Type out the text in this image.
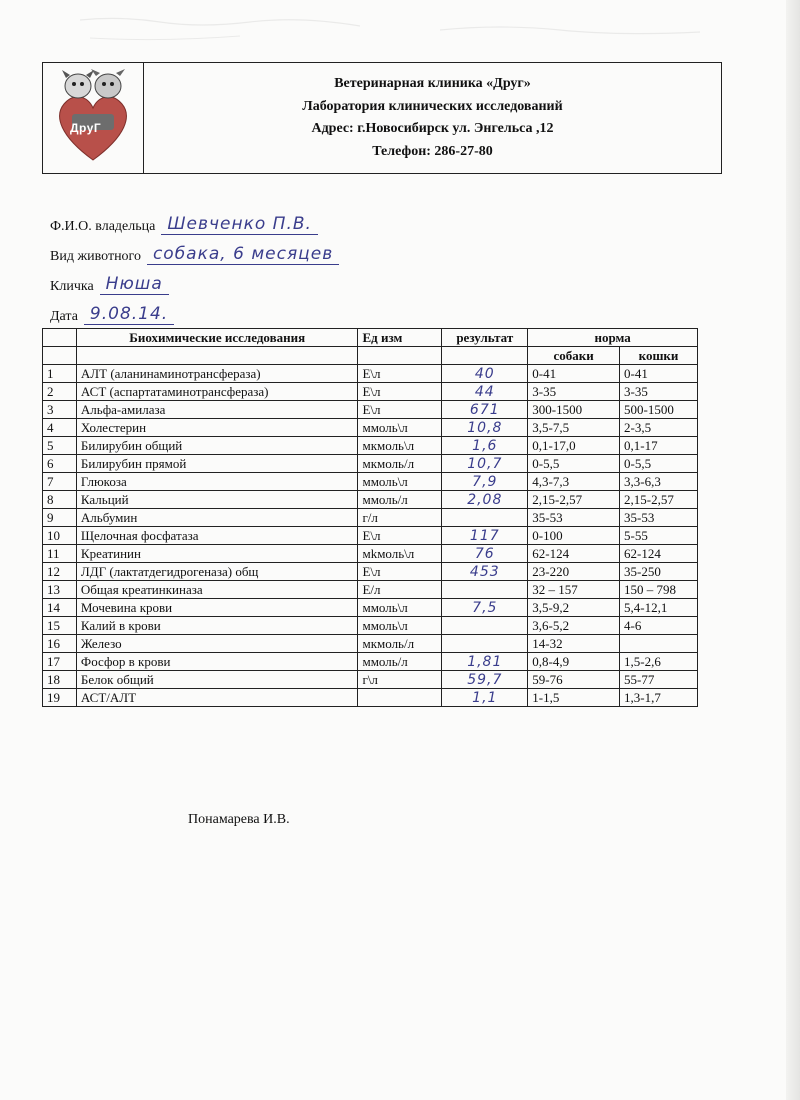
ДруГ
Ветеринарная клиника «Друг»
Лаборатория клинических исследований
Адрес: г.Новосибирск ул. Энгельса ,12
Телефон: 286-27-80
Ф.И.О. владельца Шевченко П.В.
Вид животного собака, 6 месяцев
Кличка Нюша
Дата 9.08.14.
	Биохимические исследования	Ед изм	результат	норма	
				собаки	кошки
1	АЛТ (аланинаминотрансфераза)	Е\л	40	0-41	0-41
2	АСТ (аспартатаминотрансфераза)	Е\л	44	3-35	3-35
3	Альфа-амилаза	Е\л	671	300-1500	500-1500
4	Холестерин	ммоль\л	10,8	3,5-7,5	2-3,5
5	Билирубин общий	мкмоль\л	1,6	0,1-17,0	0,1-17
6	Билирубин прямой	мкмоль/л	10,7	0-5,5	0-5,5
7	Глюкоза	ммоль\л	7,9	4,3-7,3	3,3-6,3
8	Кальций	ммоль/л	2,08	2,15-2,57	2,15-2,57
9	Альбумин	г/л		35-53	35-53
10	Щелочная фосфатаза	Е\л	117	0-100	5-55
11	Креатинин	мkмоль\л	76	62-124	62-124
12	ЛДГ (лактатдегидрогеназа) общ	Е\л	453	23-220	35-250
13	Общая креатинкиназа	Е/л		32 – 157	150 – 798
14	Мочевина крови	ммоль\л	7,5	3,5-9,2	5,4-12,1
15	Калий в крови	ммоль\л		3,6-5,2	4-6
16	Железо	мкмоль/л		14-32	
17	Фосфор в крови	ммоль/л	1,81	0,8-4,9	1,5-2,6
18	Белок общий	г\л	59,7	59-76	55-77
19	АСТ/АЛТ		1,1	1-1,5	1,3-1,7
Понамарева И.В.
